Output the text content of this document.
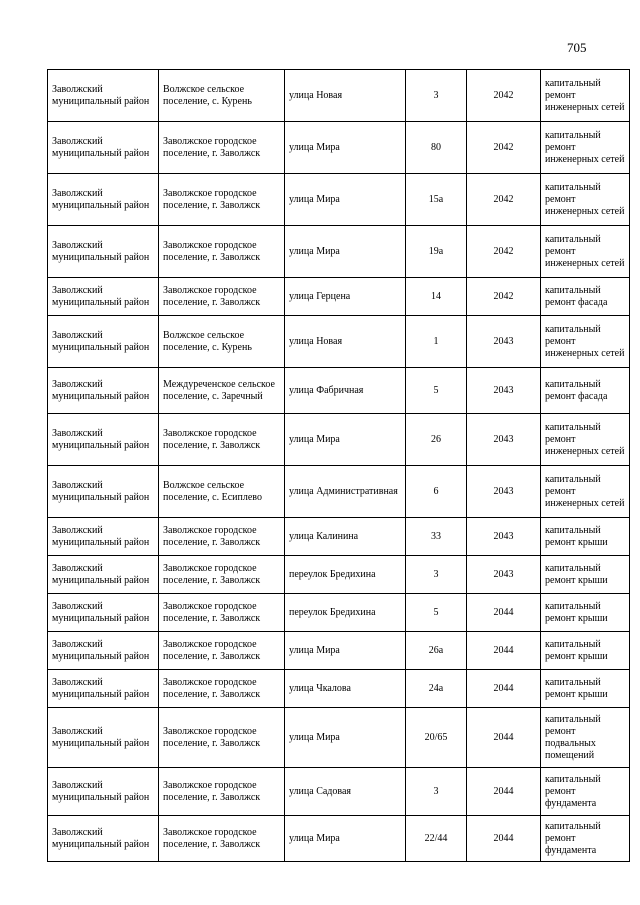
705
Заволжский муниципальный район	Волжское сельское поселение, с. Курень	улица Новая	3	2042	капитальный ремонт инженерных сетей
Заволжский муниципальный район	Заволжское городское поселение, г. Заволжск	улица Мира	80	2042	капитальный ремонт инженерных сетей
Заволжский муниципальный район	Заволжское городское поселение, г. Заволжск	улица Мира	15а	2042	капитальный ремонт инженерных сетей
Заволжский муниципальный район	Заволжское городское поселение, г. Заволжск	улица Мира	19а	2042	капитальный ремонт инженерных сетей
Заволжский муниципальный район	Заволжское городское поселение, г. Заволжск	улица Герцена	14	2042	капитальный ремонт фасада
Заволжский муниципальный район	Волжское сельское поселение, с. Курень	улица Новая	1	2043	капитальный ремонт инженерных сетей
Заволжский муниципальный район	Междуреченское сельское поселение, с. Заречный	улица Фабричная	5	2043	капитальный ремонт фасада
Заволжский муниципальный район	Заволжское городское поселение, г. Заволжск	улица Мира	26	2043	капитальный ремонт инженерных сетей
Заволжский муниципальный район	Волжское сельское поселение, с. Есиплево	улица Административная	6	2043	капитальный ремонт инженерных сетей
Заволжский муниципальный район	Заволжское городское поселение, г. Заволжск	улица Калинина	33	2043	капитальный ремонт крыши
Заволжский муниципальный район	Заволжское городское поселение, г. Заволжск	переулок Бредихина	3	2043	капитальный ремонт крыши
Заволжский муниципальный район	Заволжское городское поселение, г. Заволжск	переулок Бредихина	5	2044	капитальный ремонт крыши
Заволжский муниципальный район	Заволжское городское поселение, г. Заволжск	улица Мира	26а	2044	капитальный ремонт крыши
Заволжский муниципальный район	Заволжское городское поселение, г. Заволжск	улица Чкалова	24а	2044	капитальный ремонт крыши
Заволжский муниципальный район	Заволжское городское поселение, г. Заволжск	улица Мира	20/65	2044	капитальный ремонт подвальных помещений
Заволжский муниципальный район	Заволжское городское поселение, г. Заволжск	улица Садовая	3	2044	капитальный ремонт фундамента
Заволжский муниципальный район	Заволжское городское поселение, г. Заволжск	улица Мира	22/44	2044	капитальный ремонт фундамента
